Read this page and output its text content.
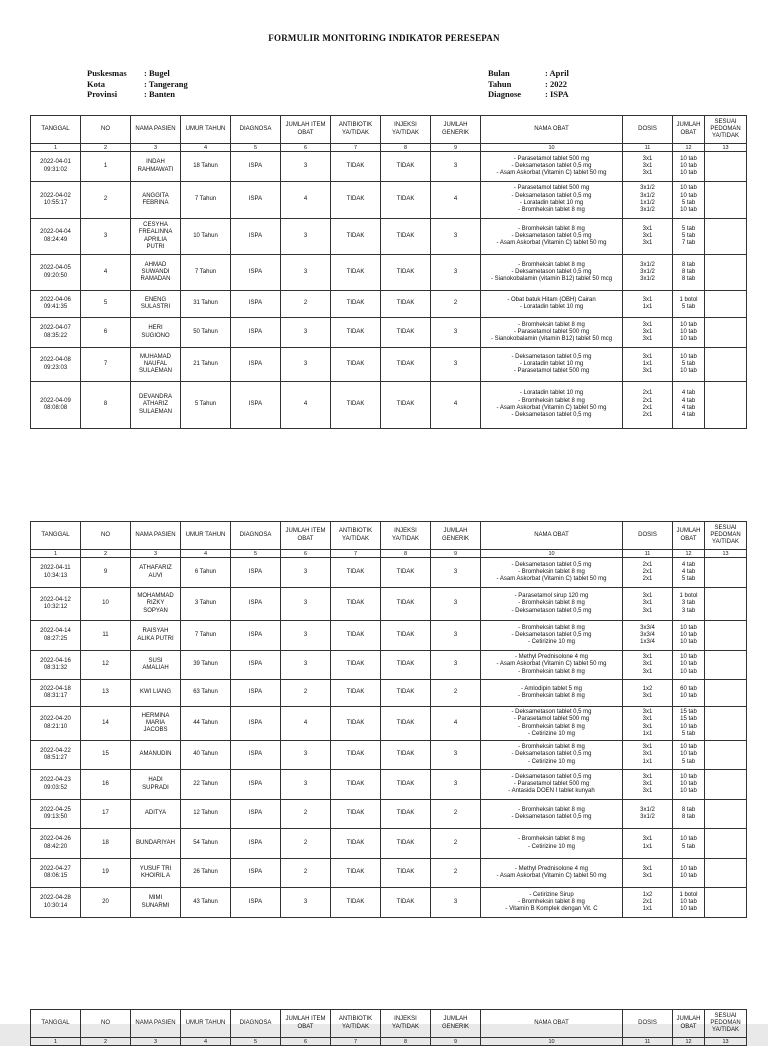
FORMULIR MONITORING INDIKATOR PERESEPAN
Puskesmas	: Bugel
Kota	: Tangerang
Provinsi	: Banten
Bulan	: April
Tahun	: 2022
Diagnose	: ISPA
TANGGAL	NO	NAMA PASIEN	UMUR TAHUN	DIAGNOSA	JUMLAH ITEM OBAT	ANTIBIOTIK YA/TIDAK	INJEKSI YA/TIDAK	JUMLAH GENERIK	NAMA OBAT	DOSIS	JUMLAH OBAT	SESUAI PEDOMAN YA/TIDAK
1	2	3	4	5	6	7	8	9	10	11	12	13
2022-04-01
09:31:02	1	INDAH
RAHMAWATI	18 Tahun	ISPA	3	TIDAK	TIDAK	3	- Parasetamol tablet 500 mg
- Deksametason tablet 0,5 mg
- Asam Askorbat (Vitamin C) tablet 50 mg	3x1
3x1
3x1	10 tab
10 tab
10 tab	
2022-04-02
10:55:17	2	ANGGITA
FEBRINA	7 Tahun	ISPA	4	TIDAK	TIDAK	4	- Parasetamol tablet 500 mg
- Deksametason tablet 0,5 mg
- Loratadin tablet 10 mg
- Bromheksin tablet 8 mg	3x1/2
3x1/2
1x1/2
3x1/2	10 tab
10 tab
5 tab
10 tab	
2022-04-04
08:24:49	3	CESYHA
FREALINNA
APRILIA
PUTRI	10 Tahun	ISPA	3	TIDAK	TIDAK	3	- Bromheksin tablet 8 mg
- Deksametason tablet 0,5 mg
- Asam Askorbat (Vitamin C) tablet 50 mg	3x1
3x1
3x1	5 tab
5 tab
7 tab	
2022-04-05
09:20:50	4	AHMAD
SUWANDI
RAMADAN	7 Tahun	ISPA	3	TIDAK	TIDAK	3	- Bromheksin tablet 8 mg
- Deksametason tablet 0,5 mg
- Sianokobalamin (vitamin B12) tablet 50 mcg	3x1/2
3x1/2
3x1/2	8 tab
8 tab
8 tab	
2022-04-06
09:41:35	5	ENENG
SULASTRI	31 Tahun	ISPA	2	TIDAK	TIDAK	2	- Obat batuk Hitam (OBH) Cairan
- Loratadin tablet 10 mg	3x1
1x1	1 botol
5 tab	
2022-04-07
08:35:22	6	HERI
SUGIONO	50 Tahun	ISPA	3	TIDAK	TIDAK	3	- Bromheksin tablet 8 mg
- Parasetamol tablet 500 mg
- Sianokobalamin (vitamin B12) tablet 50 mcg	3x1
3x1
3x1	10 tab
10 tab
10 tab	
2022-04-08
09:23:03	7	MUHAMAD
NAUFAL
SULAEMAN	21 Tahun	ISPA	3	TIDAK	TIDAK	3	- Deksametason tablet 0,5 mg
- Loratadin tablet 10 mg
- Parasetamol tablet 500 mg	3x1
1x1
3x1	10 tab
5 tab
10 tab	
2022-04-09
08:08:08	8	DEVANDRA
ATHARIZ
SULAEMAN	5 Tahun	ISPA	4	TIDAK	TIDAK	4	- Loratadin tablet 10 mg
- Bromheksin tablet 8 mg
- Asam Askorbat (Vitamin C) tablet 50 mg
- Deksametason tablet 0,5 mg	2x1
2x1
2x1
2x1	4 tab
4 tab
4 tab
4 tab	
TANGGAL	NO	NAMA PASIEN	UMUR TAHUN	DIAGNOSA	JUMLAH ITEM OBAT	ANTIBIOTIK YA/TIDAK	INJEKSI YA/TIDAK	JUMLAH GENERIK	NAMA OBAT	DOSIS	JUMLAH OBAT	SESUAI PEDOMAN YA/TIDAK
1	2	3	4	5	6	7	8	9	10	11	12	13
2022-04-11
10:34:13	9	ATHAFARIZ
AUVI	6 Tahun	ISPA	3	TIDAK	TIDAK	3	- Deksametason tablet 0,5 mg
- Bromheksin tablet 8 mg
- Asam Askorbat (Vitamin C) tablet 50 mg	2x1
2x1
2x1	4 tab
4 tab
5 tab	
2022-04-12
10:32:12	10	MOHAMMAD
RIZKY
SOPYAN	3 Tahun	ISPA	3	TIDAK	TIDAK	3	- Parasetamol sirup 120 mg
- Bromheksin tablet 8 mg
- Deksametason tablet 0,5 mg	3x1
3x1
3x1	1 botol
3 tab
3 tab	
2022-04-14
08:27:25	11	RAISYAH
ALIKA PUTRI	7 Tahun	ISPA	3	TIDAK	TIDAK	3	- Bromheksin tablet 8 mg
- Deksametason tablet 0,5 mg
- Cetirizine 10 mg	3x3/4
3x3/4
1x3/4	10 tab
10 tab
10 tab	
2022-04-16
08:31:32	12	SUSI
AMALIAH	39 Tahun	ISPA	3	TIDAK	TIDAK	3	- Methyl Prednisolone 4 mg
- Asam Askorbat (Vitamin C) tablet 50 mg
- Bromheksin tablet 8 mg	3x1
3x1
3x1	10 tab
10 tab
10 tab	
2022-04-18
08:31:17	13	KWI LIANG	63 Tahun	ISPA	2	TIDAK	TIDAK	2	- Amlodipin tablet 5 mg
- Bromheksin tablet 8 mg	1x2
3x1	60 tab
10 tab	
2022-04-20
08:21:10	14	HERMINA
MARIA
JACOBS	44 Tahun	ISPA	4	TIDAK	TIDAK	4	- Deksametason tablet 0,5 mg
- Parasetamol tablet 500 mg
- Bromheksin tablet 8 mg
- Cetirizine 10 mg	3x1
3x1
3x1
1x1	15 tab
15 tab
10 tab
5 tab	
2022-04-22
08:51:27	15	AMANUDIN	40 Tahun	ISPA	3	TIDAK	TIDAK	3	- Bromheksin tablet 8 mg
- Deksametason tablet 0,5 mg
- Cetirizine 10 mg	3x1
3x1
1x1	10 tab
10 tab
5 tab	
2022-04-23
09:03:52	16	HADI
SUPRADI	22 Tahun	ISPA	3	TIDAK	TIDAK	3	- Deksametason tablet 0,5 mg
- Parasetamol tablet 500 mg
- Antasida DOEN I tablet kunyah	3x1
3x1
3x1	10 tab
10 tab
10 tab	
2022-04-25
09:13:50	17	ADITYA	12 Tahun	ISPA	2	TIDAK	TIDAK	2	- Bromheksin tablet 8 mg
- Deksametason tablet 0,5 mg	3x1/2
3x1/2	8 tab
8 tab	
2022-04-26
08:42:20	18	BUNDARIYAH	54 Tahun	ISPA	2	TIDAK	TIDAK	2	- Bromheksin tablet 8 mg
- Cetirizine 10 mg	3x1
1x1	10 tab
5 tab	
2022-04-27
08:06:15	19	YUSUF TRI
KHOIRIL A	26 Tahun	ISPA	2	TIDAK	TIDAK	2	- Methyl Prednisolone 4 mg
- Asam Askorbat (Vitamin C) tablet 50 mg	3x1
3x1	10 tab
10 tab	
2022-04-28
10:30:14	20	MIMI
SUNARMI	43 Tahun	ISPA	3	TIDAK	TIDAK	3	- Cetirizine Sirup
- Bromheksin tablet 8 mg
- Vitamin B Komplek dengan Vit. C	1x2
2x1
1x1	1 botol
10 tab
10 tab	
TANGGAL	NO	NAMA PASIEN	UMUR TAHUN	DIAGNOSA	JUMLAH ITEM OBAT	ANTIBIOTIK YA/TIDAK	INJEKSI YA/TIDAK	JUMLAH GENERIK	NAMA OBAT	DOSIS	JUMLAH OBAT	SESUAI PEDOMAN YA/TIDAK
1	2	3	4	5	6	7	8	9	10	11	12	13
